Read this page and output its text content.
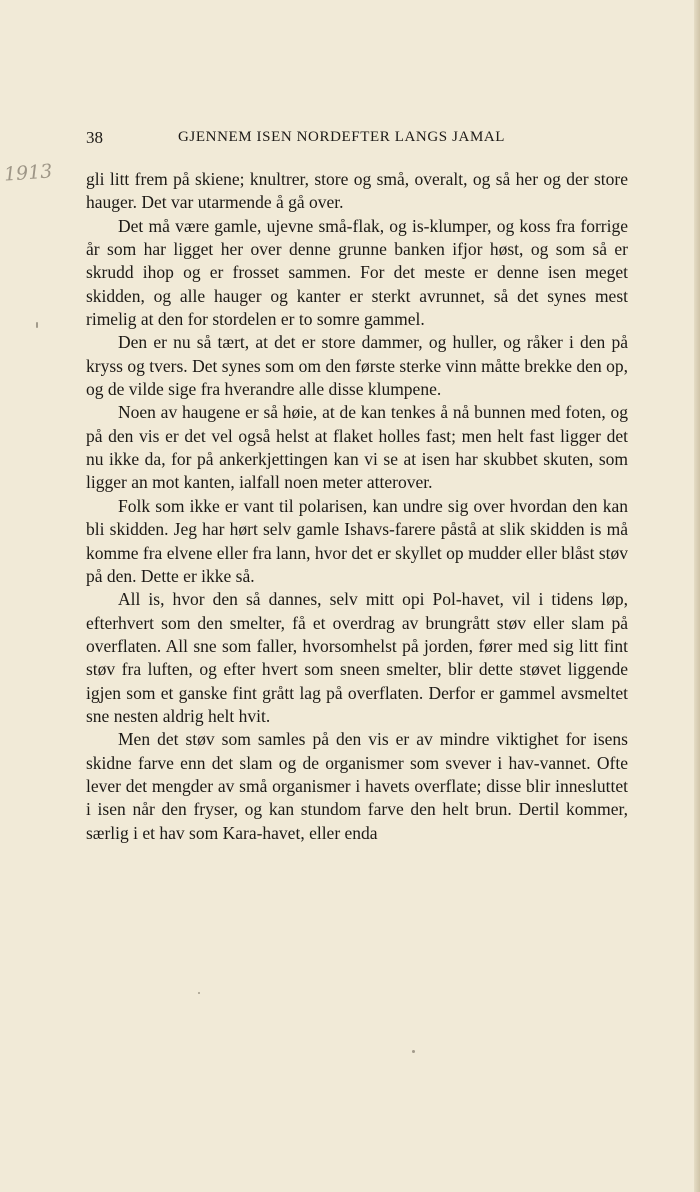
1913
38	GJENNEM ISEN NORDEFTER LANGS JAMAL

gli litt frem på skiene; knultrer, store og små, overalt, og så her og der store hauger. Det var utarmende å gå over.

Det må være gamle, ujevne små-flak, og is-klumper, og koss fra forrige år som har ligget her over denne grunne banken ifjor høst, og som så er skrudd ihop og er frosset sammen. For det meste er denne isen meget skidden, og alle hauger og kanter er sterkt avrunnet, så det synes mest rimelig at den for stordelen er to somre gammel.

Den er nu så tært, at det er store dammer, og huller, og råker i den på kryss og tvers. Det synes som om den første sterke vinn måtte brekke den op, og de vilde sige fra hverandre alle disse klumpene.

Noen av haugene er så høie, at de kan tenkes å nå bunnen med foten, og på den vis er det vel også helst at flaket holles fast; men helt fast ligger det nu ikke da, for på ankerkjettingen kan vi se at isen har skubbet skuten, som ligger an mot kanten, ialfall noen meter atterover.

Folk som ikke er vant til polarisen, kan undre sig over hvordan den kan bli skidden. Jeg har hørt selv gamle Ishavs-farere påstå at slik skidden is må komme fra elvene eller fra lann, hvor det er skyllet op mudder eller blåst støv på den. Dette er ikke så.

All is, hvor den så dannes, selv mitt opi Pol-havet, vil i tidens løp, efterhvert som den smelter, få et overdrag av brungrått støv eller slam på overflaten. All sne som faller, hvorsomhelst på jorden, fører med sig litt fint støv fra luften, og efter hvert som sneen smelter, blir dette støvet liggende igjen som et ganske fint grått lag på overflaten. Derfor er gammel avsmeltet sne nesten aldrig helt hvit.

Men det støv som samles på den vis er av mindre viktighet for isens skidne farve enn det slam og de organismer som svever i hav-vannet. Ofte lever det mengder av små organismer i havets overflate; disse blir innesluttet i isen når den fryser, og kan stundom farve den helt brun. Dertil kommer, særlig i et hav som Kara-havet, eller enda
